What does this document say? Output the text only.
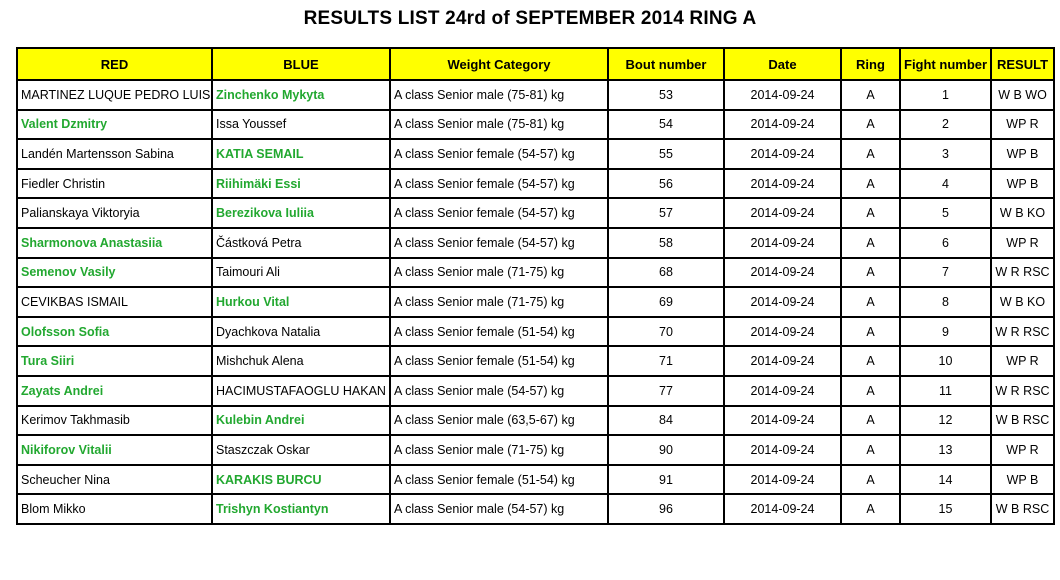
RESULTS LIST 24rd of SEPTEMBER 2014 RING A
RED	BLUE	Weight Category	Bout number	Date	Ring	Fight number	RESULT
MARTINEZ LUQUE PEDRO LUIS	Zinchenko Mykyta	A class Senior male (75-81) kg	53	2014-09-24	A	1	W B WO
Valent Dzmitry	Issa Youssef	A class Senior male (75-81) kg	54	2014-09-24	A	2	WP R
Landén Martensson Sabina	KATIA SEMAIL	A class Senior female (54-57) kg	55	2014-09-24	A	3	WP B
Fiedler Christin	Riihimäki Essi	A class Senior female (54-57) kg	56	2014-09-24	A	4	WP B
Palianskaya Viktoryia	Berezikova Iuliia	A class Senior female (54-57) kg	57	2014-09-24	A	5	W B KO
Sharmonova Anastasiia	Částková Petra	A class Senior female (54-57) kg	58	2014-09-24	A	6	WP R
Semenov Vasily	Taimouri Ali	A class Senior male (71-75) kg	68	2014-09-24	A	7	W R RSC
CEVIKBAS ISMAIL	Hurkou Vital	A class Senior male (71-75) kg	69	2014-09-24	A	8	W B KO
Olofsson Sofia	Dyachkova Natalia	A class Senior female (51-54) kg	70	2014-09-24	A	9	W R RSC
Tura Siiri	Mishchuk Alena	A class Senior female (51-54) kg	71	2014-09-24	A	10	WP R
Zayats Andrei	HACIMUSTAFAOGLU HAKAN	A class Senior male (54-57) kg	77	2014-09-24	A	11	W R RSC
Kerimov Takhmasib	Kulebin Andrei	A class Senior male (63,5-67) kg	84	2014-09-24	A	12	W B RSC
Nikiforov Vitalii	Staszczak Oskar	A class Senior male (71-75) kg	90	2014-09-24	A	13	WP R
Scheucher Nina	KARAKIS BURCU	A class Senior female (51-54) kg	91	2014-09-24	A	14	WP B
Blom Mikko	Trishyn Kostiantyn	A class Senior male (54-57) kg	96	2014-09-24	A	15	W B RSC
